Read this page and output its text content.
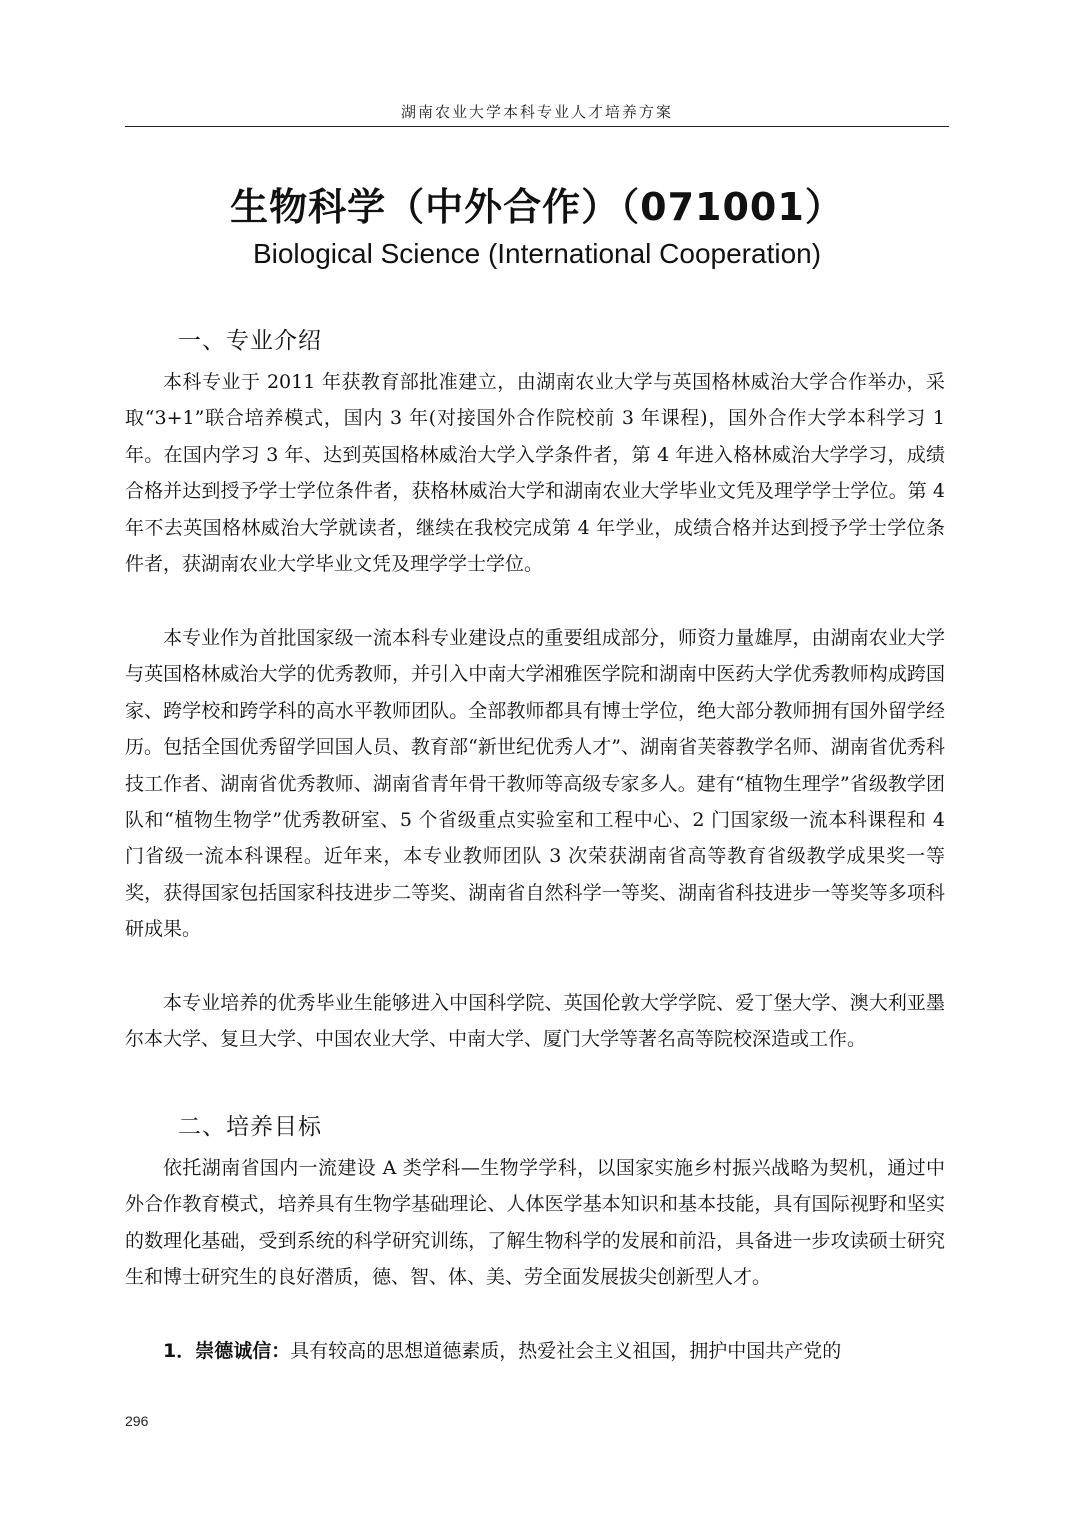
湖南农业大学本科专业人才培养方案
生物科学（中外合作）（071001）
Biological Science (International Cooperation)
一、专业介绍

本科专业于 2011 年获教育部批准建立，由湖南农业大学与英国格林威治大学合作举办，采取“3+1”联合培养模式，国内 3 年(对接国外合作院校前 3 年课程)，国外合作大学本科学习 1 年。在国内学习 3 年、达到英国格林威治大学入学条件者，第 4 年进入格林威治大学学习，成绩合格并达到授予学士学位条件者，获格林威治大学和湖南农业大学毕业文凭及理学学士学位。第 4 年不去英国格林威治大学就读者，继续在我校完成第 4 年学业，成绩合格并达到授予学士学位条件者，获湖南农业大学毕业文凭及理学学士学位。

本专业作为首批国家级一流本科专业建设点的重要组成部分，师资力量雄厚，由湖南农业大学与英国格林威治大学的优秀教师，并引入中南大学湘雅医学院和湖南中医药大学优秀教师构成跨国家、跨学校和跨学科的高水平教师团队。全部教师都具有博士学位，绝大部分教师拥有国外留学经历。包括全国优秀留学回国人员、教育部“新世纪优秀人才”、湖南省芙蓉教学名师、湖南省优秀科技工作者、湖南省优秀教师、湖南省青年骨干教师等高级专家多人。建有“植物生理学”省级教学团队和“植物生物学”优秀教研室、5 个省级重点实验室和工程中心、2 门国家级一流本科课程和 4 门省级一流本科课程。近年来，本专业教师团队 3 次荣获湖南省高等教育省级教学成果奖一等奖，获得国家包括国家科技进步二等奖、湖南省自然科学一等奖、湖南省科技进步一等奖等多项科研成果。

本专业培养的优秀毕业生能够进入中国科学院、英国伦敦大学学院、爱丁堡大学、澳大利亚墨尔本大学、复旦大学、中国农业大学、中南大学、厦门大学等著名高等院校深造或工作。

二、培养目标

依托湖南省国内一流建设 A 类学科—生物学学科，以国家实施乡村振兴战略为契机，通过中外合作教育模式，培养具有生物学基础理论、人体医学基本知识和基本技能，具有国际视野和坚实的数理化基础，受到系统的科学研究训练，了解生物科学的发展和前沿，具备进一步攻读硕士研究生和博士研究生的良好潜质，德、智、体、美、劳全面发展拔尖创新型人才。

1．崇德诚信：具有较高的思想道德素质，热爱社会主义祖国，拥护中国共产党的

296
